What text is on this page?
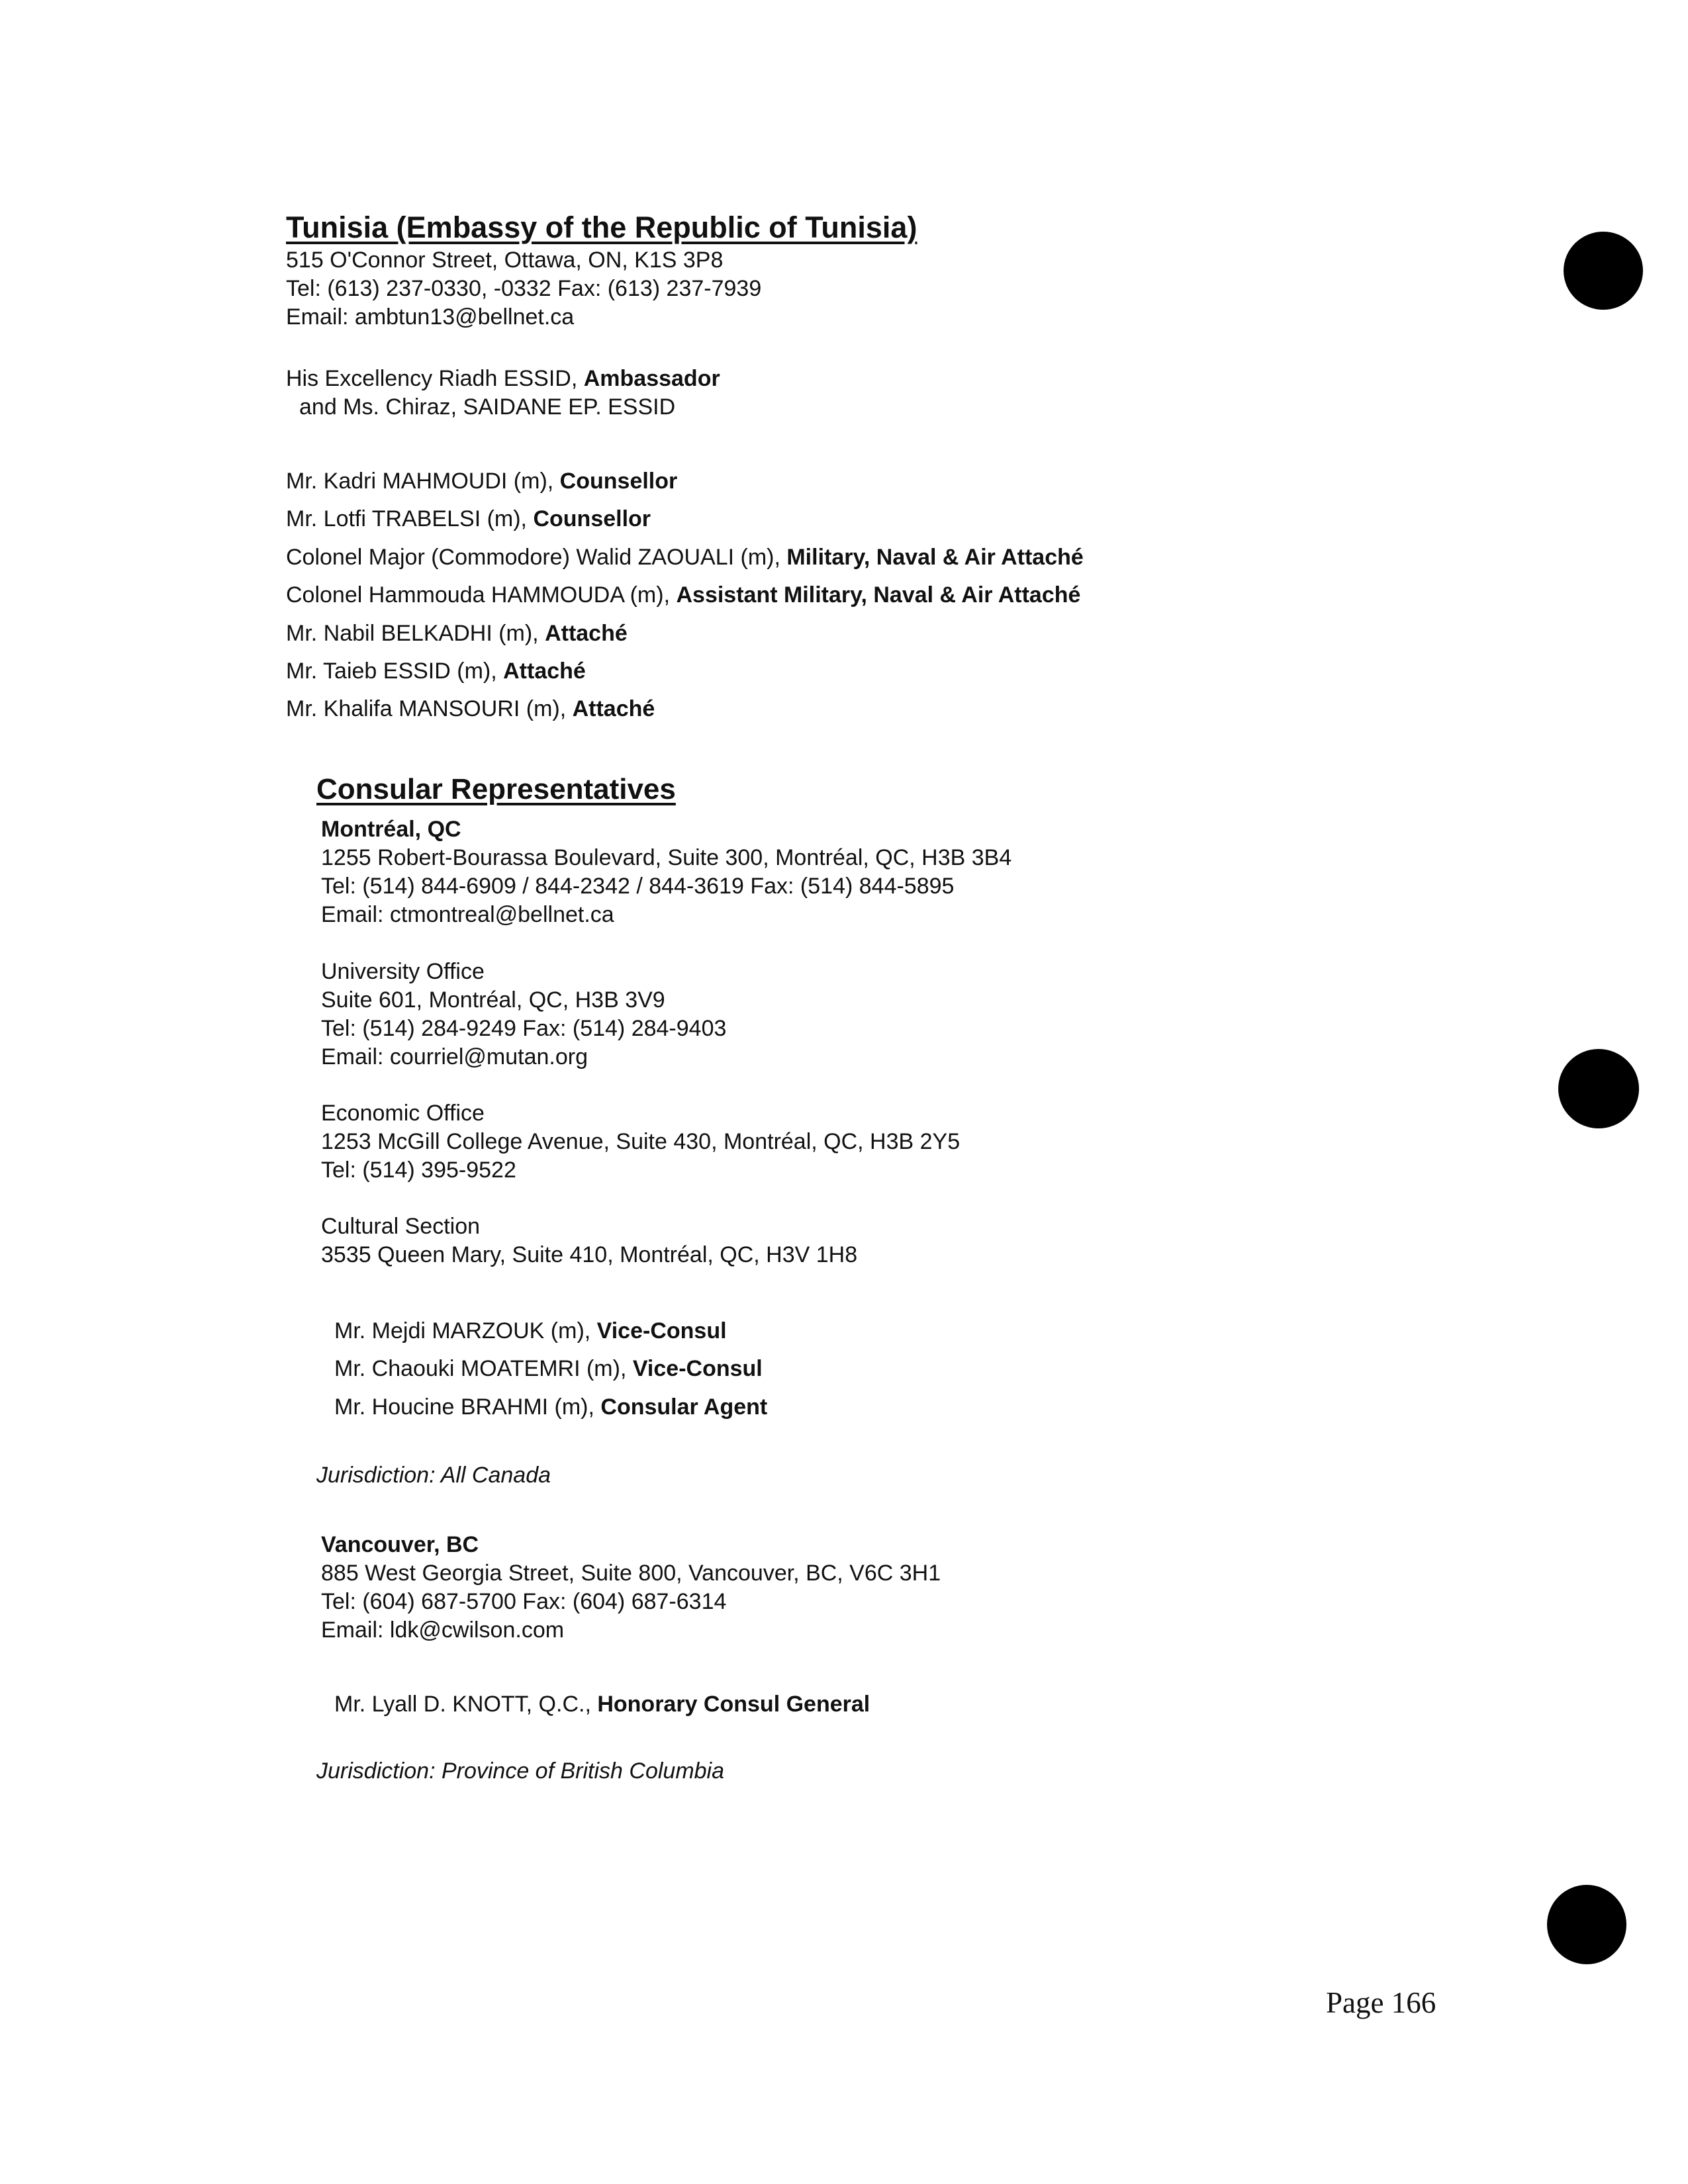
Tunisia (Embassy of the Republic of Tunisia)
515 O'Connor Street, Ottawa, ON, K1S 3P8
Tel: (613) 237-0330, -0332 Fax: (613) 237-7939
Email: ambtun13@bellnet.ca
His Excellency Riadh ESSID, Ambassador
and Ms. Chiraz, SAIDANE EP. ESSID
Mr. Kadri MAHMOUDI (m), Counsellor
Mr. Lotfi TRABELSI (m), Counsellor
Colonel Major (Commodore) Walid ZAOUALI (m), Military, Naval & Air Attaché
Colonel Hammouda HAMMOUDA (m), Assistant Military, Naval & Air Attaché
Mr. Nabil BELKADHI (m), Attaché
Mr. Taieb ESSID (m), Attaché
Mr. Khalifa MANSOURI (m), Attaché
Consular Representatives
Montréal, QC
1255 Robert-Bourassa Boulevard, Suite 300, Montréal, QC, H3B 3B4
Tel: (514) 844-6909 / 844-2342 / 844-3619 Fax: (514) 844-5895
Email: ctmontreal@bellnet.ca
University Office
Suite 601, Montréal, QC, H3B 3V9
Tel: (514) 284-9249 Fax: (514) 284-9403
Email: courriel@mutan.org
Economic Office
1253 McGill College Avenue, Suite 430, Montréal, QC, H3B 2Y5
Tel: (514) 395-9522
Cultural Section
3535 Queen Mary, Suite 410, Montréal, QC, H3V 1H8
Mr. Mejdi MARZOUK (m), Vice-Consul
Mr. Chaouki MOATEMRI (m), Vice-Consul
Mr. Houcine BRAHMI (m), Consular Agent
Jurisdiction: All Canada
Vancouver, BC
885 West Georgia Street, Suite 800, Vancouver, BC, V6C 3H1
Tel: (604) 687-5700 Fax: (604) 687-6314
Email: ldk@cwilson.com
Mr. Lyall D. KNOTT, Q.C., Honorary Consul General
Jurisdiction: Province of British Columbia
Page 166
